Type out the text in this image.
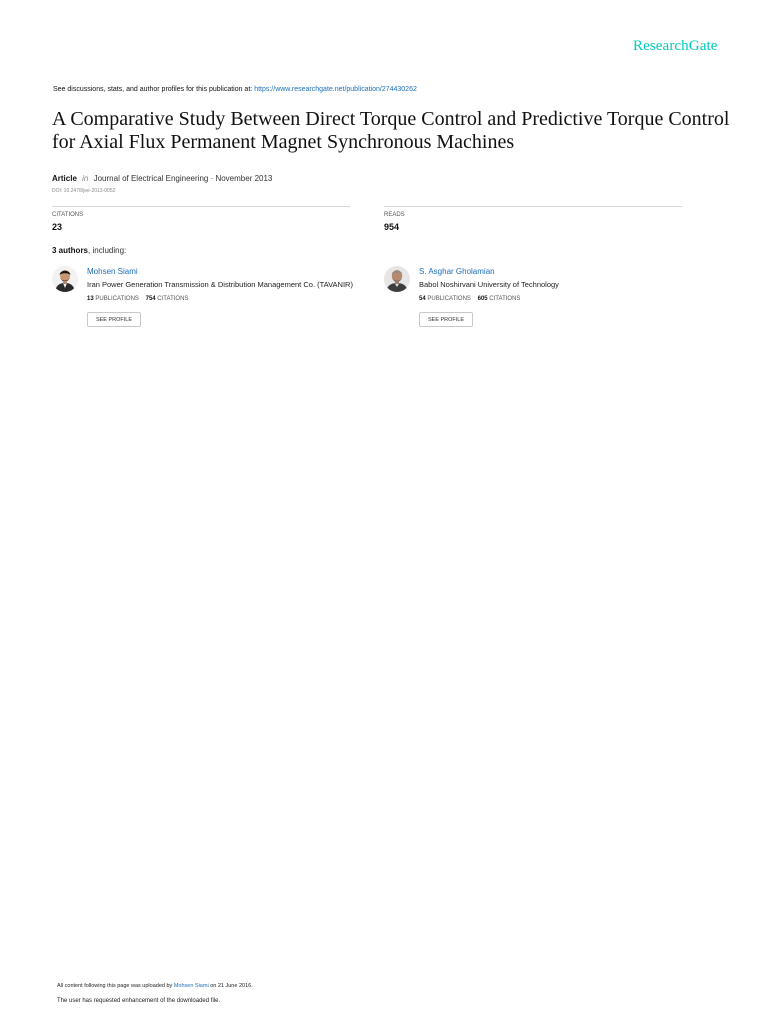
ResearchGate
See discussions, stats, and author profiles for this publication at: https://www.researchgate.net/publication/274430262
A Comparative Study Between Direct Torque Control and Predictive Torque Control for Axial Flux Permanent Magnet Synchronous Machines
Article in Journal of Electrical Engineering · November 2013
DOI: 10.2478/jee-2013-0052
CITATIONS
23
READS
954
3 authors, including:
Mohsen Siami
Iran Power Generation Transmission & Distribution Management Co. (TAVANIR)
13 PUBLICATIONS 754 CITATIONS
SEE PROFILE
S. Asghar Gholamian
Babol Noshirvani University of Technology
54 PUBLICATIONS 605 CITATIONS
SEE PROFILE
All content following this page was uploaded by Mohsen Siami on 21 June 2016.
The user has requested enhancement of the downloaded file.
